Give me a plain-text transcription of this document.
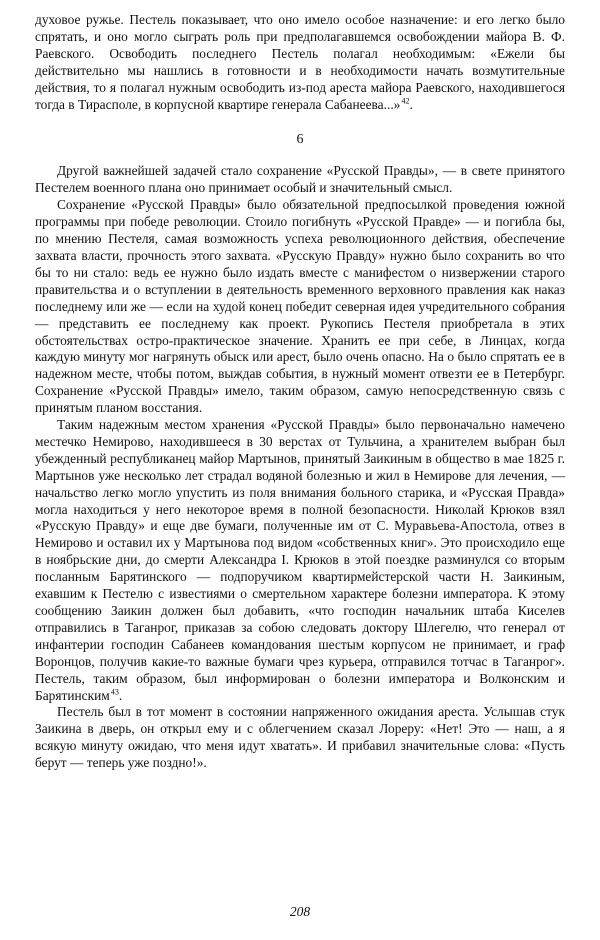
духовое ружье. Пестель показывает, что оно имело особое назначение: и его легко было спрятать, и оно могло сыграть роль при предполагавшемся освобождении майора В. Ф. Раевского. Освободить последнего Пестель полагал необходимым: «Ежели бы действительно мы нашлись в готовности и в необходимости начать возмутительные действия, то я полагал нужным освободить из-под ареста майора Раевского, находившегося тогда в Тирасполе, в корпусной квартире генерала Сабанеева...» $^{42}$.

6

Другой важнейшей задачей стало сохранение «Русской Правды», — в свете принятого Пестелем военного плана оно принимает особый и значительный смысл.

Сохранение «Русской Правды» было обязательной предпосылкой проведения южной программы при победе революции. Стоило погибнуть «Русской Правде» — и погибла бы, по мнению Пестеля, самая возможность успеха революционного действия, обеспечение захвата власти, прочность этого захвата. «Русскую Правду» нужно было сохранить во что бы то ни стало: ведь ее нужно было издать вместе с манифестом о низвержении старого правительства и о вступлении в деятельность временного верховного правления как наказ последнему или же — если на худой конец победит северная идея учредительного собрания — представить ее последнему как проект. Рукопись Пестеля приобретала в этих обстоятельствах остро-практическое значение. Хранить ее при себе, в Линцах, когда каждую минуту мог нагрянуть обыск или арест, было очень опасно. На о было спрятать ее в надежном месте, чтобы потом, выждав события, в нужный момент отвезти ее в Петербург. Сохранение «Русской Правды» имело, таким образом, самую непосредственную связь с принятым планом восстания.

Таким надежным местом хранения «Русской Правды» было первоначально намечено местечко Немирово, находившееся в 30 верстах от Тульчина, а хранителем выбран был убежденный республиканец майор Мартынов, принятый Заикиным в общество в мае 1825 г. Мартынов уже несколько лет страдал водяной болезнью и жил в Немирове для лечения, — начальство легко могло упустить из поля внимания больного старика, и «Русская Правда» могла находиться у него некоторое время в полной безопасности. Николай Крюков взял «Русскую Правду» и еще две бумаги, полученные им от С. Муравьева-Апостола, отвез в Немирово и оставил их у Мартынова под видом «собственных книг». Это происходило еще в ноябрьские дни, до смерти Александра I. Крюков в этой поездке разминулся со вторым посланным Барятинского — подпоручиком квартирмейстерской части Н. Заикиным, ехавшим к Пестелю с известиями о смертельном характере болезни императора. К этому сообщению Заикин должен был добавить, «что господин начальник штаба Киселев отправились в Таганрог, приказав за собою следовать доктору Шлегелю, что генерал от инфантерии господин Сабанеев командования шестым корпусом не принимает, и граф Воронцов, получив какие-то важные бумаги чрез курьера, отправился тотчас в Таганрог». Пестель, таким образом, был информирован о болезни императора и Волконским и Барятинским $^{43}$.

Пестель был в тот момент в состоянии напряженного ожидания ареста. Услышав стук Заикина в дверь, он открыл ему и с облегчением сказал Лореру: «Нет! Это — наш, а я всякую минуту ожидаю, что меня идут хватать». И прибавил значительные слова: «Пусть берут — теперь уже поздно!».

208
